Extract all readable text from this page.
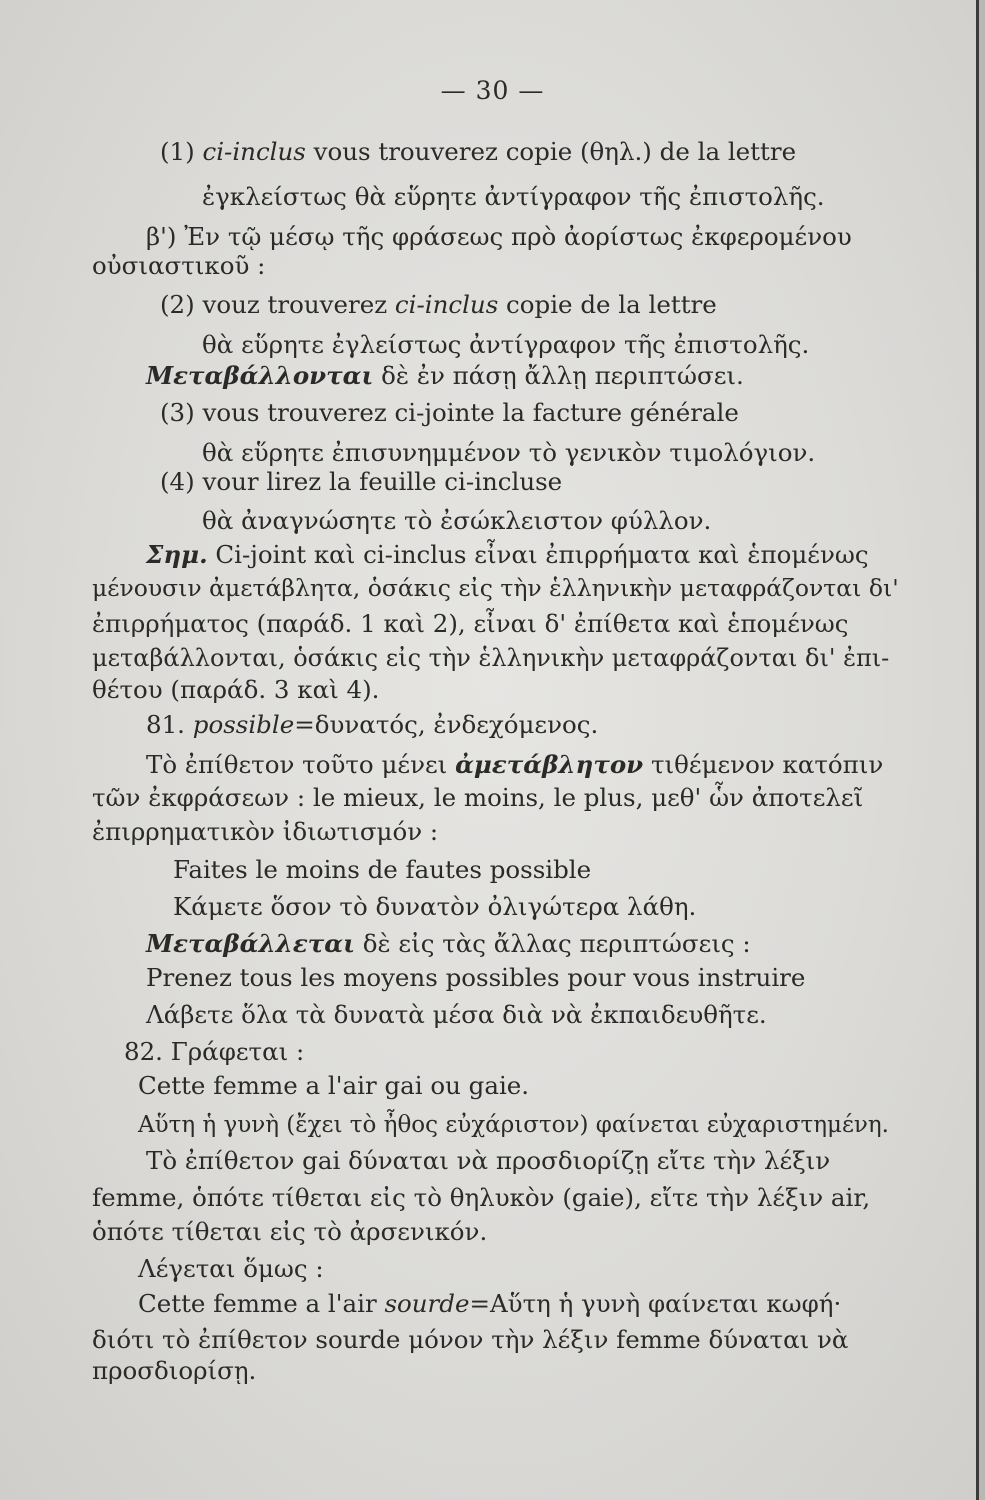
— 30 —
(1) ci-inclus vous trouverez copie (θηλ.) de la lettre
ἐγκλείστως θὰ εὕρητε ἀντίγραφον τῆς ἐπιστολῆς.
β') Ἐν τῷ μέσῳ τῆς φράσεως πρὸ ἀορίστως ἐκφερομένου
οὐσιαστικοῦ :
(2) vouz trouverez ci-inclus copie de la lettre
θὰ εὕρητε ἐγλείστως ἀντίγραφον τῆς ἐπιστολῆς.
Μεταβάλλονται δὲ ἐν πάσῃ ἄλλῃ περιπτώσει.
(3) vous trouverez ci-jointe la facture générale
θὰ εὕρητε ἐπισυνημμένον τὸ γενικὸν τιμολόγιον.
(4) vour lirez la feuille ci-incluse
θὰ ἀναγνώσητε τὸ ἐσώκλειστον φύλλον.
Σημ. Ci-joint καὶ ci-inclus εἶναι ἐπιρρήματα καὶ ἑπομένως
μένουσιν ἀμετάβλητα, ὁσάκις εἰς τὴν ἑλληνικὴν μεταφράζονται δι'
ἐπιρρήματος (παράδ. 1 καὶ 2), εἶναι δ' ἐπίθετα καὶ ἑπομένως
μεταβάλλονται, ὁσάκις εἰς τὴν ἑλληνικὴν μεταφράζονται δι' ἐπι-
θέτου (παράδ. 3 καὶ 4).
81. possible=δυνατός, ἐνδεχόμενος.
Τὸ ἐπίθετον τοῦτο μένει ἀμετάβλητον τιθέμενον κατόπιν
τῶν ἐκφράσεων : le mieux, le moins, le plus, μεθ' ὧν ἀποτελεῖ
ἐπιρρηματικὸν ἰδιωτισμόν :
Faites le moins de fautes possible
Κάμετε ὅσον τὸ δυνατὸν ὀλιγώτερα λάθη.
Μεταβάλλεται δὲ εἰς τὰς ἄλλας περιπτώσεις :
Prenez tous les moyens possibles pour vous instruire
Λάβετε ὅλα τὰ δυνατὰ μέσα διὰ νὰ ἐκπαιδευθῆτε.
82. Γράφεται :
Cette femme a l'air gai ou gaie.
Αὕτη ἡ γυνὴ (ἔχει τὸ ἦθος εὐχάριστον) φαίνεται εὐχαριστημένη.
Τὸ ἐπίθετον gai δύναται νὰ προσδιορίζῃ εἴτε τὴν λέξιν
femme, ὁπότε τίθεται εἰς τὸ θηλυκὸν (gaie), εἴτε τὴν λέξιν air,
ὁπότε τίθεται εἰς τὸ ἀρσενικόν.
Λέγεται ὅμως :
Cette femme a l'air sourde=Αὕτη ἡ γυνὴ φαίνεται κωφή·
διότι τὸ ἐπίθετον sourde μόνον τὴν λέξιν femme δύναται νὰ
προσδιορίσῃ.
